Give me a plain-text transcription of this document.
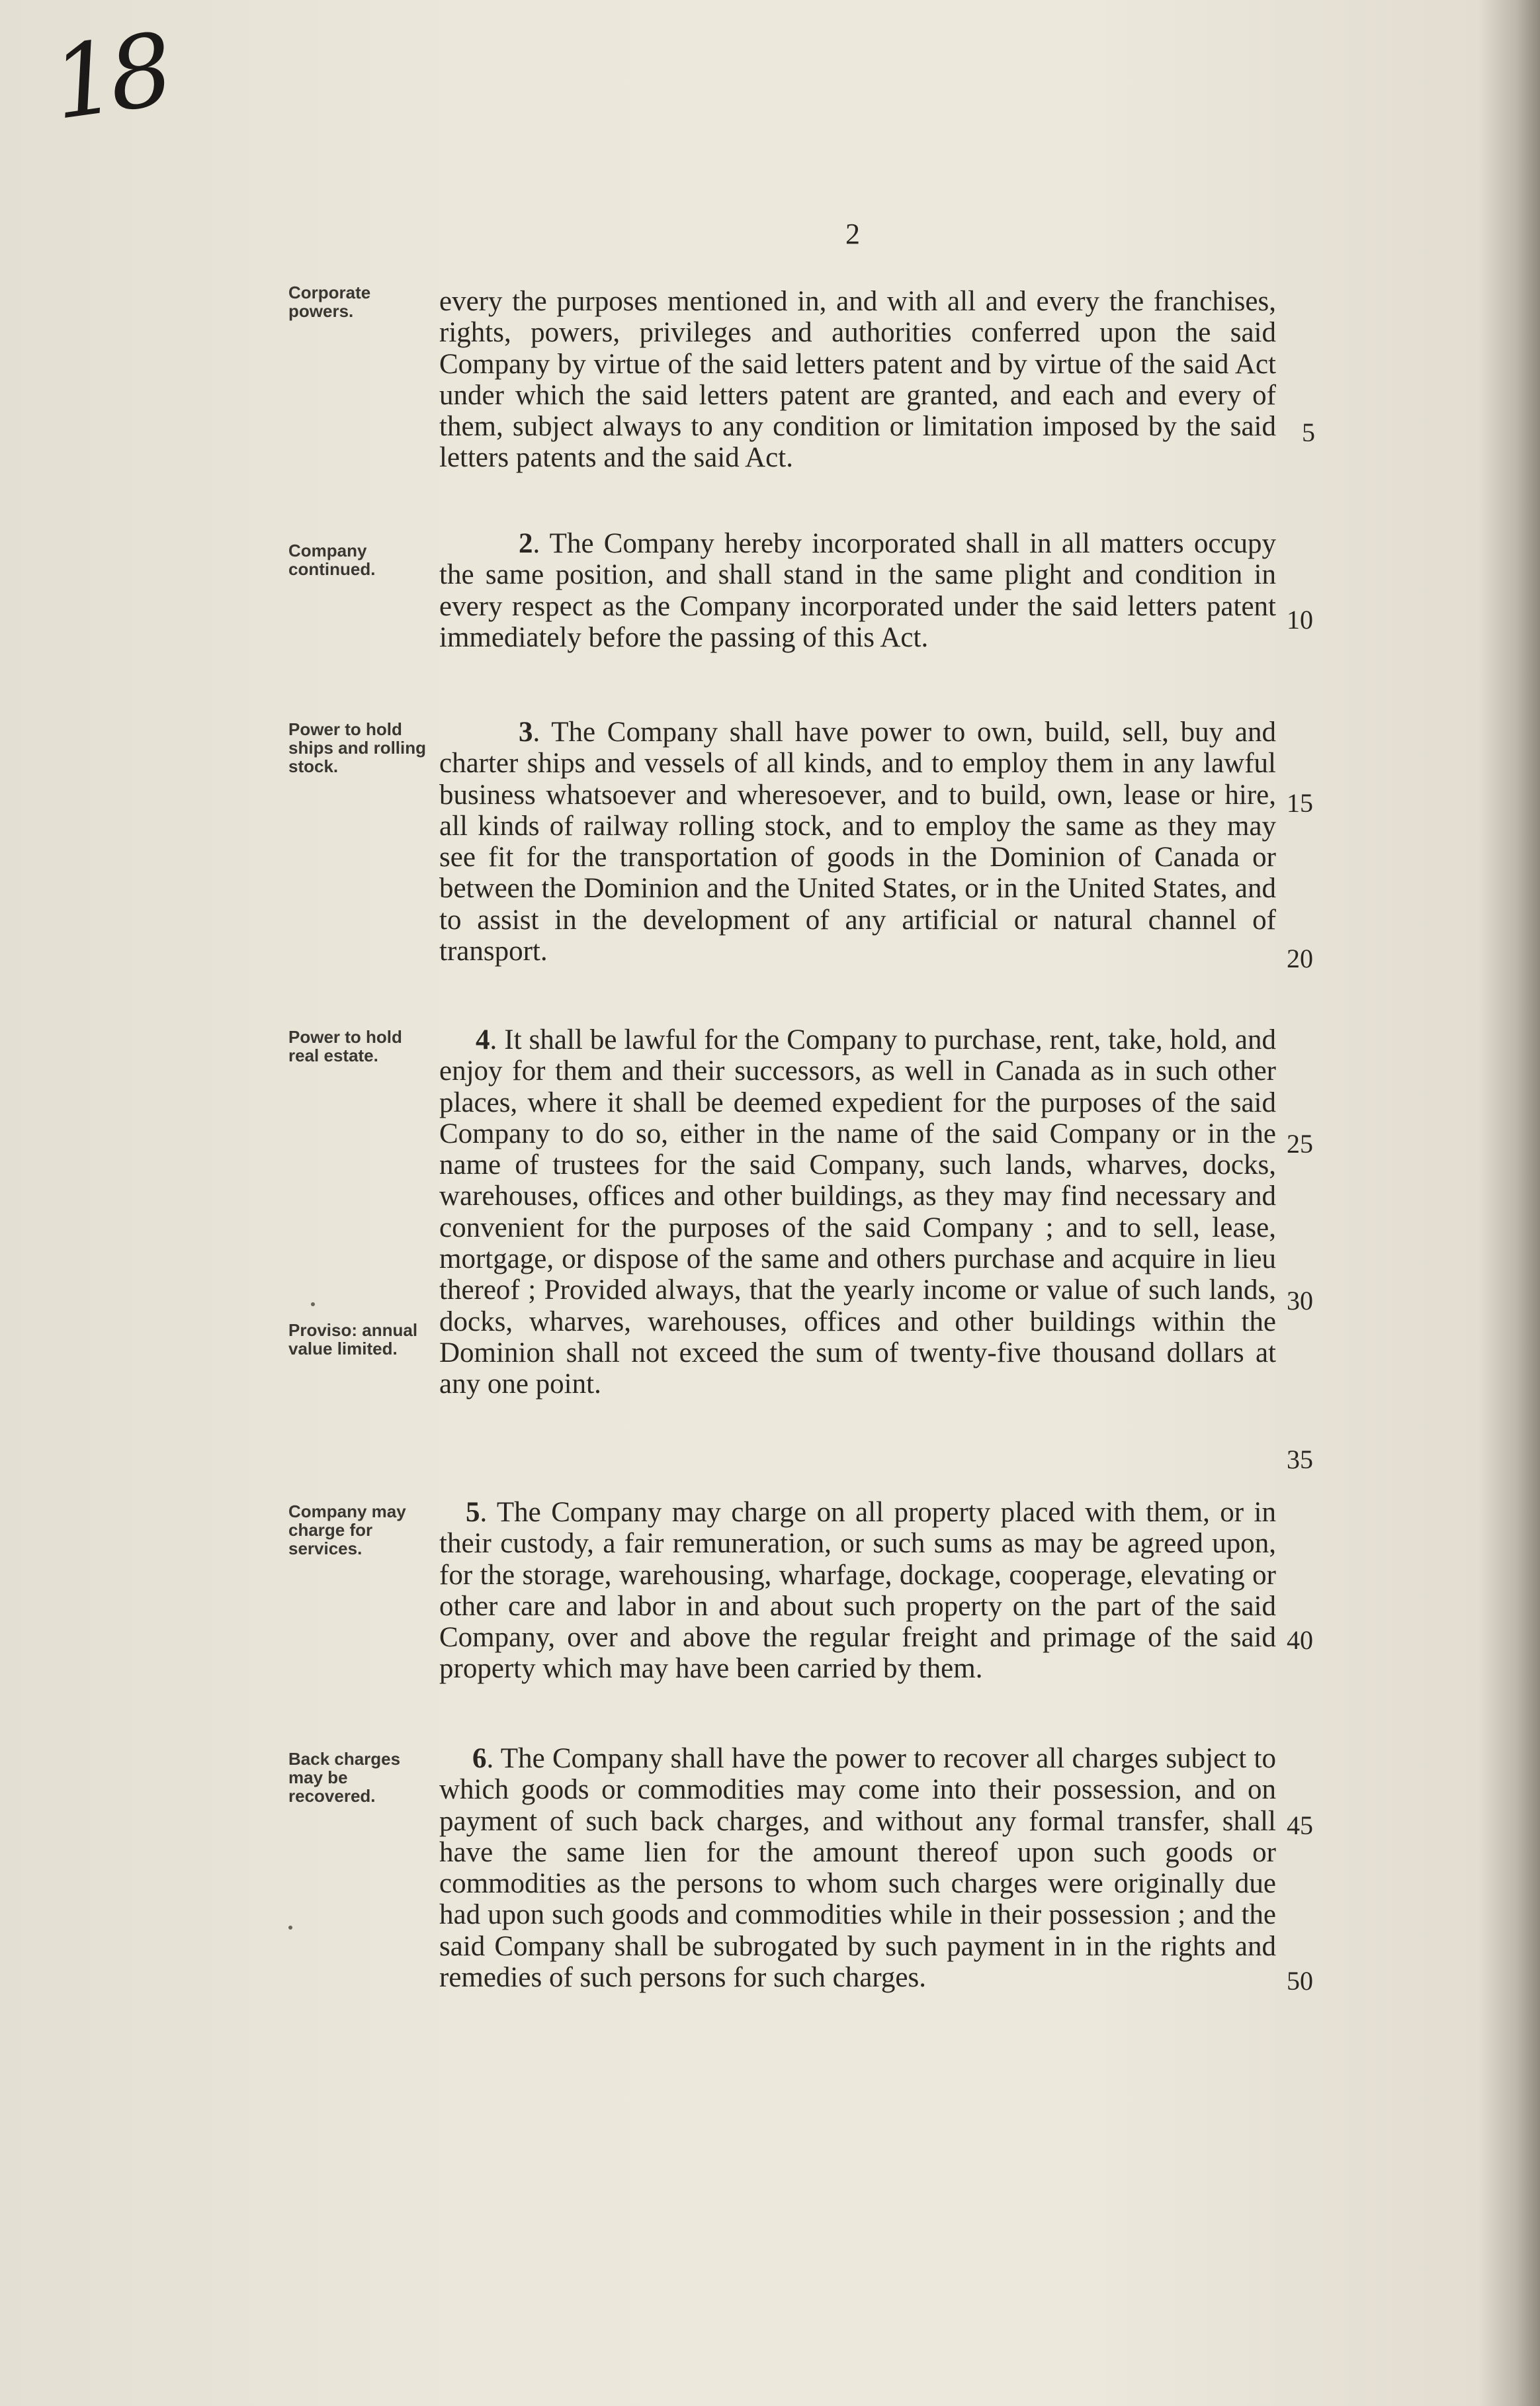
18
2
Corporate powers.
Company continued.
Power to hold ships and rolling stock.
Power to hold real estate.
Proviso: annual value limited.
Company may charge for services.
Back charges may be recovered.
every the purposes mentioned in, and with all and every the franchises, rights, powers, privileges and authorities conferred upon the said Company by virtue of the said letters patent and by virtue of the said Act under which the said letters patent are granted, and each and every of them, subject always to any condition or limitation imposed by the said letters patents and the said Act.
2. The Company hereby incorporated shall in all matters occupy the same position, and shall stand in the same plight and condition in every respect as the Company incorporated under the said letters patent immediately before the passing of this Act.
3. The Company shall have power to own, build, sell, buy and charter ships and vessels of all kinds, and to employ them in any lawful business whatsoever and wheresoever, and to build, own, lease or hire, all kinds of railway rolling stock, and to employ the same as they may see fit for the transportation of goods in the Dominion of Canada or between the Dominion and the United States, or in the United States, and to assist in the development of any artificial or natural channel of transport.
4. It shall be lawful for the Company to purchase, rent, take, hold, and enjoy for them and their successors, as well in Canada as in such other places, where it shall be deemed expedient for the purposes of the said Company to do so, either in the name of the said Company or in the name of trustees for the said Company, such lands, wharves, docks, warehouses, offices and other buildings, as they may find necessary and convenient for the purposes of the said Company ; and to sell, lease, mortgage, or dispose of the same and others purchase and acquire in lieu thereof ; Provided always, that the yearly income or value of such lands, docks, wharves, warehouses, offices and other buildings within the Dominion shall not exceed the sum of twenty-five thousand dollars at any one point.
5. The Company may charge on all property placed with them, or in their custody, a fair remuneration, or such sums as may be agreed upon, for the storage, warehousing, wharfage, dockage, cooperage, elevating or other care and labor in and about such property on the part of the said Company, over and above the regular freight and primage of the said property which may have been carried by them.
6. The Company shall have the power to recover all charges subject to which goods or commodities may come into their possession, and on payment of such back charges, and without any formal transfer, shall have the same lien for the amount thereof upon such goods or commodities as the persons to whom such charges were originally due had upon such goods and commodities while in their possession ; and the said Company shall be subrogated by such payment in in the rights and remedies of such persons for such charges.
5
10
15
20
25
30
35
40
45
50
